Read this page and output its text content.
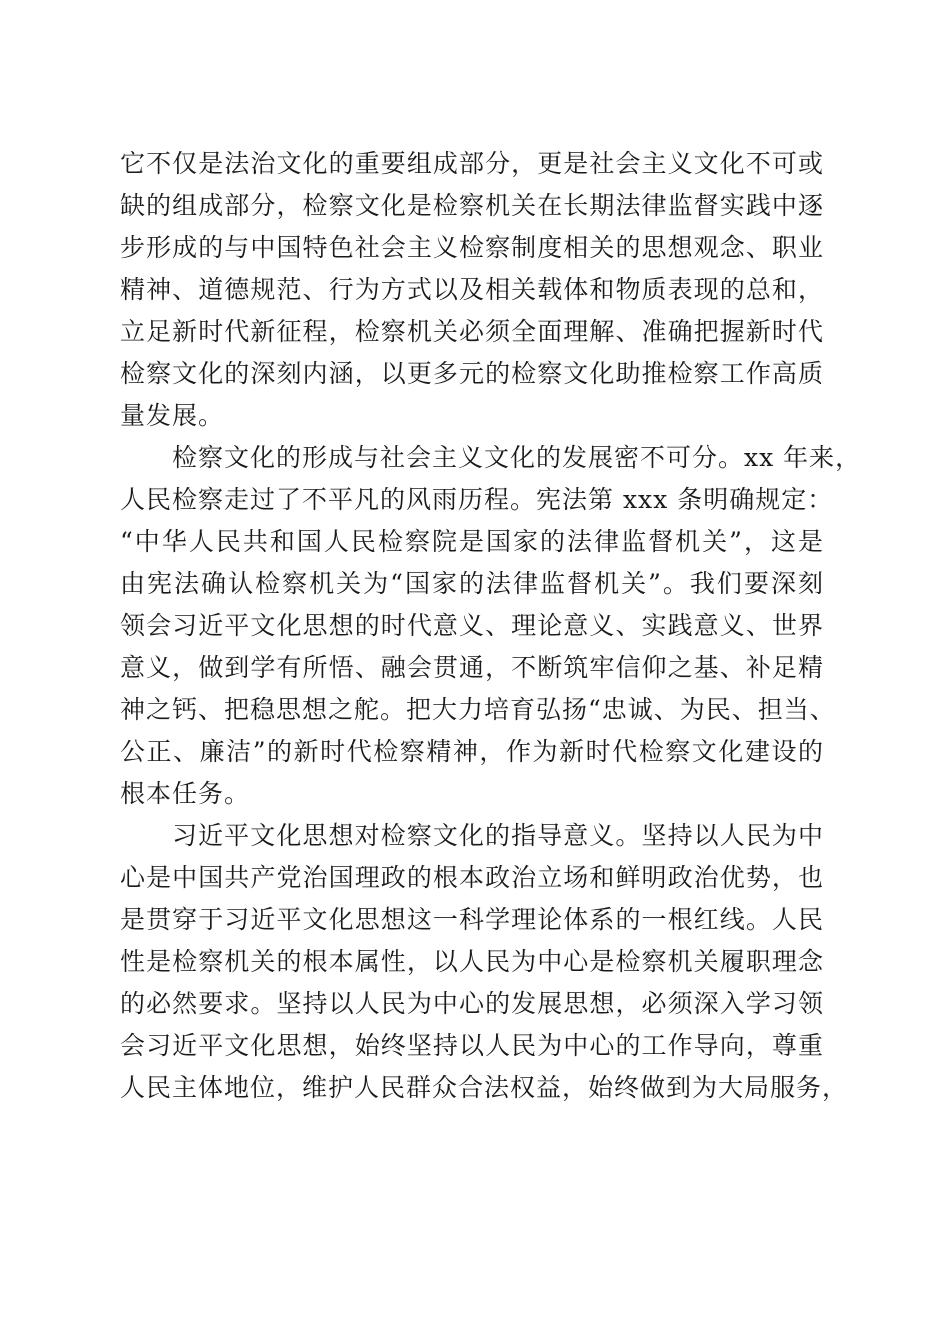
它不仅是法治文化的重要组成部分，更是社会主义文化不可或
缺的组成部分，检察文化是检察机关在长期法律监督实践中逐
步形成的与中国特色社会主义检察制度相关的思想观念、职业
精神、道德规范、行为方式以及相关载体和物质表现的总和，
立足新时代新征程，检察机关必须全面理解、准确把握新时代
检察文化的深刻内涵，以更多元的检察文化助推检察工作高质
量发展。
检察文化的形成与社会主义文化的发展密不可分。xx 年来，
人民检察走过了不平凡的风雨历程。宪法第 xxx 条明确规定：
“中华人民共和国人民检察院是国家的法律监督机关”，这是
由宪法确认检察机关为“国家的法律监督机关”。我们要深刻
领会习近平文化思想的时代意义、理论意义、实践意义、世界
意义，做到学有所悟、融会贯通，不断筑牢信仰之基、补足精
神之钙、把稳思想之舵。把大力培育弘扬“忠诚、为民、担当、
公正、廉洁”的新时代检察精神，作为新时代检察文化建设的
根本任务。
习近平文化思想对检察文化的指导意义。坚持以人民为中
心是中国共产党治国理政的根本政治立场和鲜明政治优势，也
是贯穿于习近平文化思想这一科学理论体系的一根红线。人民
性是检察机关的根本属性，以人民为中心是检察机关履职理念
的必然要求。坚持以人民为中心的发展思想，必须深入学习领
会习近平文化思想，始终坚持以人民为中心的工作导向，尊重
人民主体地位，维护人民群众合法权益，始终做到为大局服务，
